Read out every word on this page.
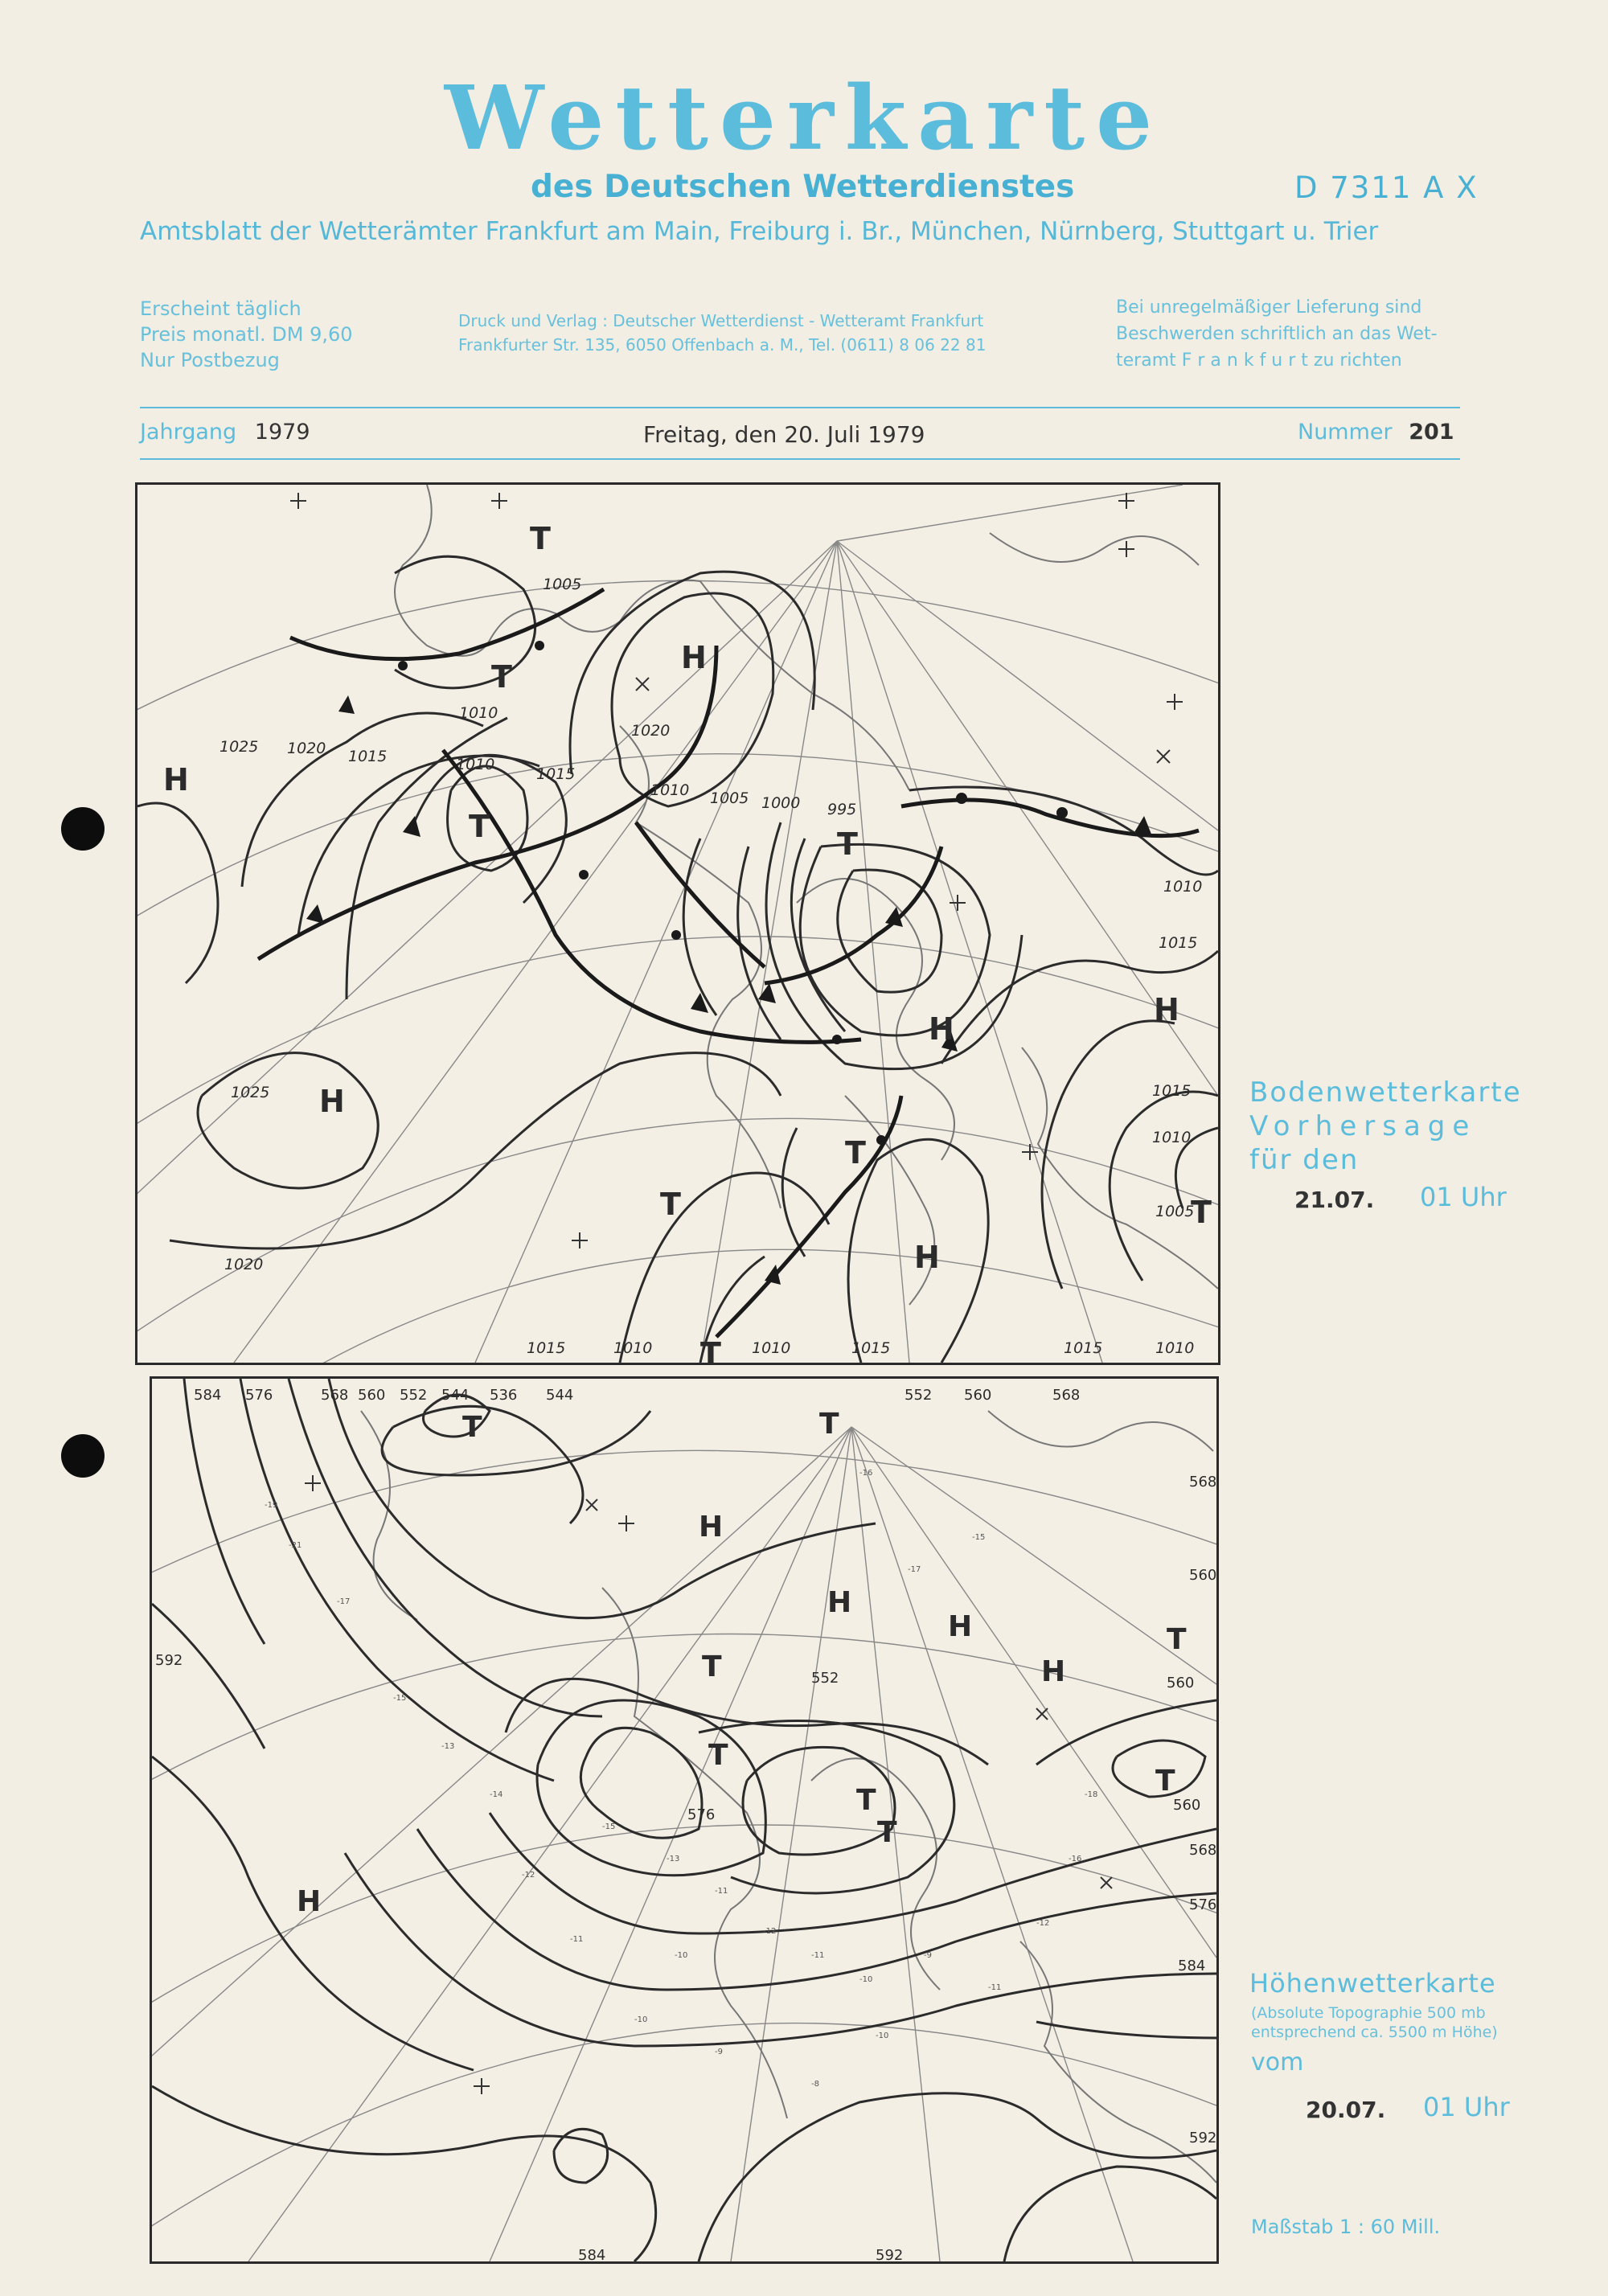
Wetterkarte
des Deutschen Wetterdienstes	D 7311 A X
Amtsblatt der Wetterämter Frankfurt am Main, Freiburg i. Br., München, Nürnberg, Stuttgart u. Trier
Erscheint täglich
Preis monatl. DM 9,60
Nur Postbezug
Druck und Verlag : Deutscher Wetterdienst - Wetteramt Frankfurt
Frankfurter Str. 135, 6050 Offenbach a. M., Tel. (0611) 8 06 22 81
Bei unregelmäßiger Lieferung sind
Beschwerden schriftlich an das Wet-
teramt F r a n k f u r t zu richten
Jahrgang 1979	Freitag, den 20. Juli 1979	Nummer 201
T
T
T	T
H
H
H
H
H
T
T
T
H
T
1005
1010
1020
1025 1020 1015	1010
1015
1010 1005 1000 995
1010
1015
1015
1010
1005
1025
1020
1015	1010	1010	1015	1015	1010
Bodenwetterkarte
Vorhersage
für den
21.07. 01 Uhr
-19
-21
-17
-15
-13
-14
-15
-13
-11
-12
-11
-10
-9
-11
-12
-16
-18
-15
-17
-16
-10
-9
-8
-10
-12
-11
-10
T	T
H
H
H
T
T
H
T
T
H
T
T
584 576	568 560 552 544 536 544	552 560	568
552	560
568
560
560
568
576
584
592
576
584	592
592
Höhenwetterkarte
(Absolute Topographie 500 mb
entsprechend ca. 5500 m Höhe)
vom
20.07. 01 Uhr
Maßstab 1 : 60 Mill.
